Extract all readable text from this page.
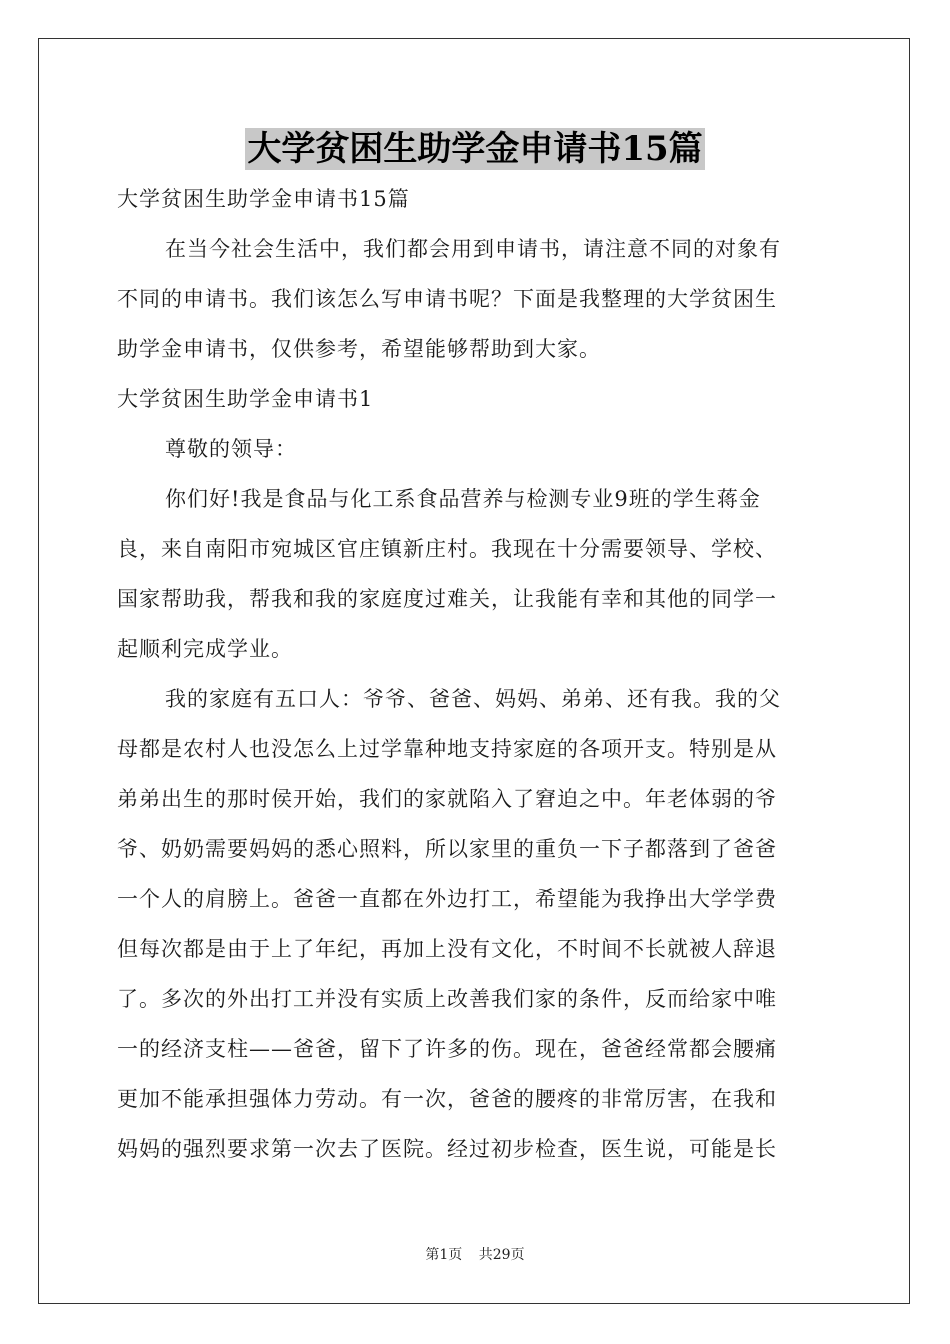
大学贫困生助学金申请书15篇
大学贫困生助学金申请书15篇
在当今社会生活中，我们都会用到申请书，请注意不同的对象有
不同的申请书。我们该怎么写申请书呢？下面是我整理的大学贫困生
助学金申请书，仅供参考，希望能够帮助到大家。
大学贫困生助学金申请书1
尊敬的领导：
你们好!我是食品与化工系食品营养与检测专业9班的学生蒋金
良，来自南阳市宛城区官庄镇新庄村。我现在十分需要领导、学校、
国家帮助我，帮我和我的家庭度过难关，让我能有幸和其他的同学一
起顺利完成学业。
我的家庭有五口人：爷爷、爸爸、妈妈、弟弟、还有我。我的父
母都是农村人也没怎么上过学靠种地支持家庭的各项开支。特别是从
弟弟出生的那时侯开始，我们的家就陷入了窘迫之中。年老体弱的爷
爷、奶奶需要妈妈的悉心照料，所以家里的重负一下子都落到了爸爸
一个人的肩膀上。爸爸一直都在外边打工，希望能为我挣出大学学费
但每次都是由于上了年纪，再加上没有文化，不时间不长就被人辞退
了。多次的外出打工并没有实质上改善我们家的条件，反而给家中唯
一的经济支柱——爸爸，留下了许多的伤。现在，爸爸经常都会腰痛
更加不能承担强体力劳动。有一次，爸爸的腰疼的非常厉害，在我和
妈妈的强烈要求第一次去了医院。经过初步检查，医生说，可能是长
第1页 共29页
